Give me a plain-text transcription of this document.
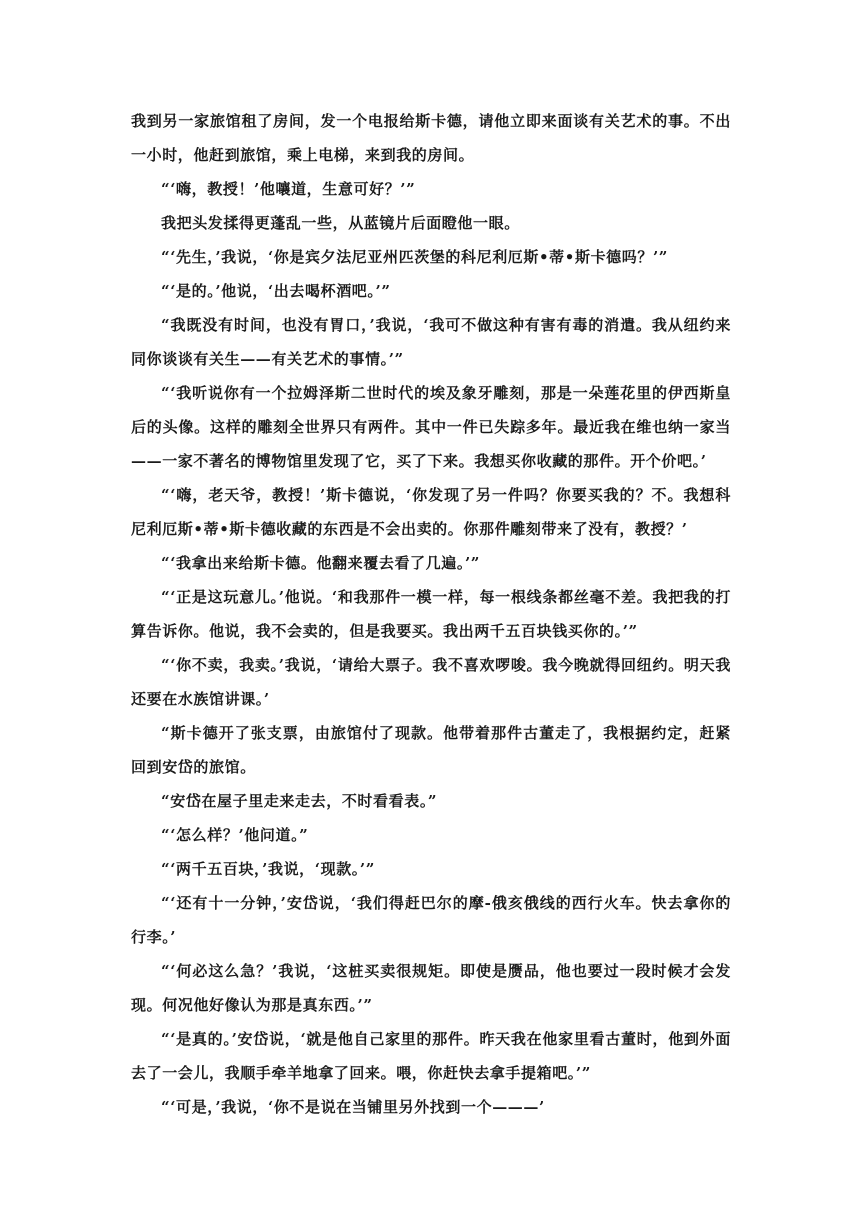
我到另一家旅馆租了房间，发一个电报给斯卡德，请他立即来面谈有关艺术的事。不出一小时，他赶到旅馆，乘上电梯，来到我的房间。

“‘嗨，教授！’他嚷道，生意可好？’”

我把头发揉得更蓬乱一些，从蓝镜片后面瞪他一眼。

“‘先生，’我说，‘你是宾夕法尼亚州匹茨堡的科尼利厄斯•蒂•斯卡德吗？’”

“‘是的。’他说，‘出去喝杯酒吧。’”

“我既没有时间，也没有胃口，’我说，‘我可不做这种有害有毒的消遣。我从纽约来同你谈谈有关生——有关艺术的事情。’”

“‘我听说你有一个拉姆泽斯二世时代的埃及象牙雕刻，那是一朵莲花里的伊西斯皇后的头像。这样的雕刻全世界只有两件。其中一件已失踪多年。最近我在维也纳一家当——一家不著名的博物馆里发现了它，买了下来。我想买你收藏的那件。开个价吧。’

“‘嗨，老天爷，教授！’斯卡德说，‘你发现了另一件吗？你要买我的？不。我想科尼利厄斯•蒂•斯卡德收藏的东西是不会出卖的。你那件雕刻带来了没有，教授？’

“‘我拿出来给斯卡德。他翻来覆去看了几遍。’”

“‘正是这玩意儿。’他说。‘和我那件一模一样，每一根线条都丝毫不差。我把我的打算告诉你。他说，我不会卖的，但是我要买。我出两千五百块钱买你的。’”

“‘你不卖，我卖。’我说，‘请给大票子。我不喜欢啰唆。我今晚就得回纽约。明天我还要在水族馆讲课。’

“斯卡德开了张支票，由旅馆付了现款。他带着那件古董走了，我根据约定，赶紧回到安岱的旅馆。

“安岱在屋子里走来走去，不时看看表。”

“‘怎么样？’他问道。”

“‘两千五百块，’我说，‘现款。’”

“‘还有十一分钟，’安岱说，‘我们得赶巴尔的摩-俄亥俄线的西行火车。快去拿你的行李。’

“‘何必这么急？’我说，‘这桩买卖很规矩。即使是赝品，他也要过一段时候才会发现。何况他好像认为那是真东西。’”

“‘是真的。’安岱说，‘就是他自己家里的那件。昨天我在他家里看古董时，他到外面去了一会儿，我顺手牵羊地拿了回来。喂，你赶快去拿手提箱吧。’”

“‘可是，’我说，‘你不是说在当铺里另外找到一个———’
